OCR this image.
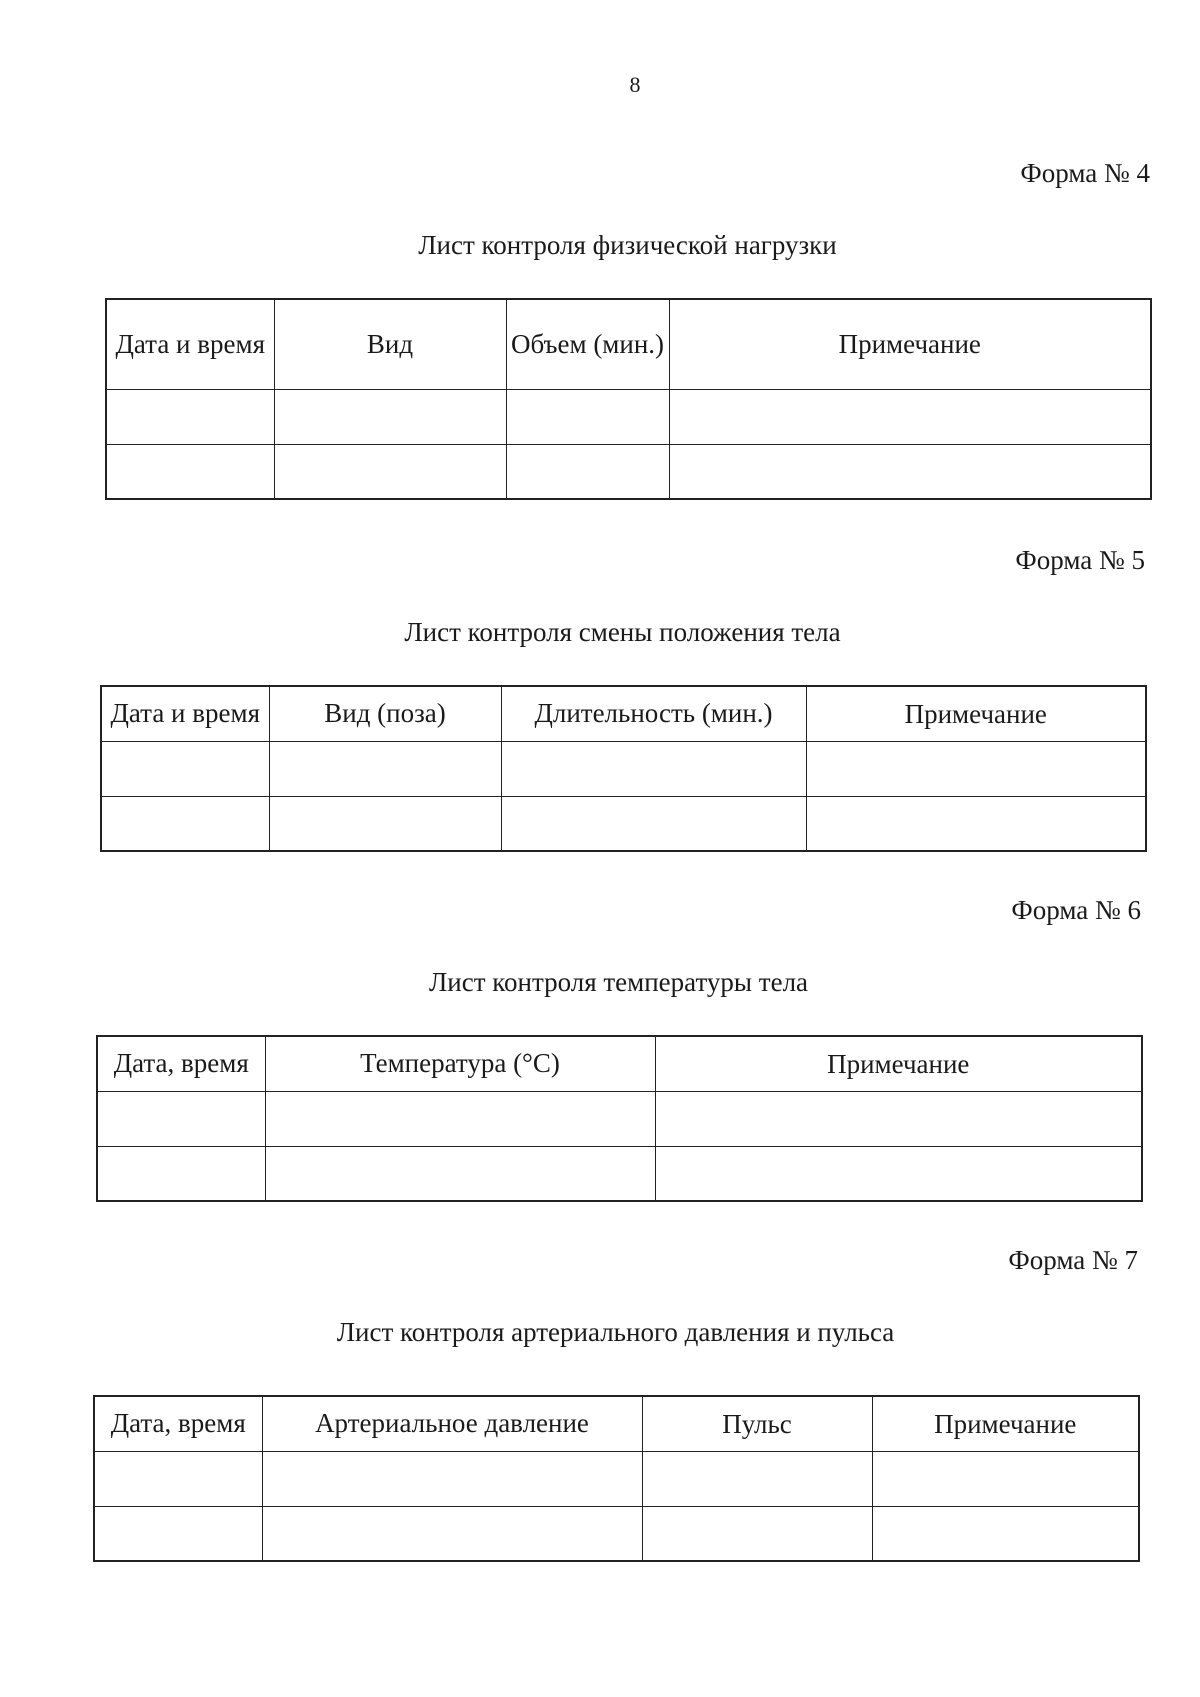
8
Форма № 4
Лист контроля физической нагрузки
Дата и время	Вид	Объем (мин.)	Примечание

Форма № 5
Лист контроля смены положения тела
Дата и время	Вид (поза)	Длительность (мин.)	Примечание

Форма № 6
Лист контроля температуры тела
Дата, время	Температура (°С)	Примечание

Форма № 7
Лист контроля артериального давления и пульса
Дата, время	Артериальное давление	Пульс	Примечание
